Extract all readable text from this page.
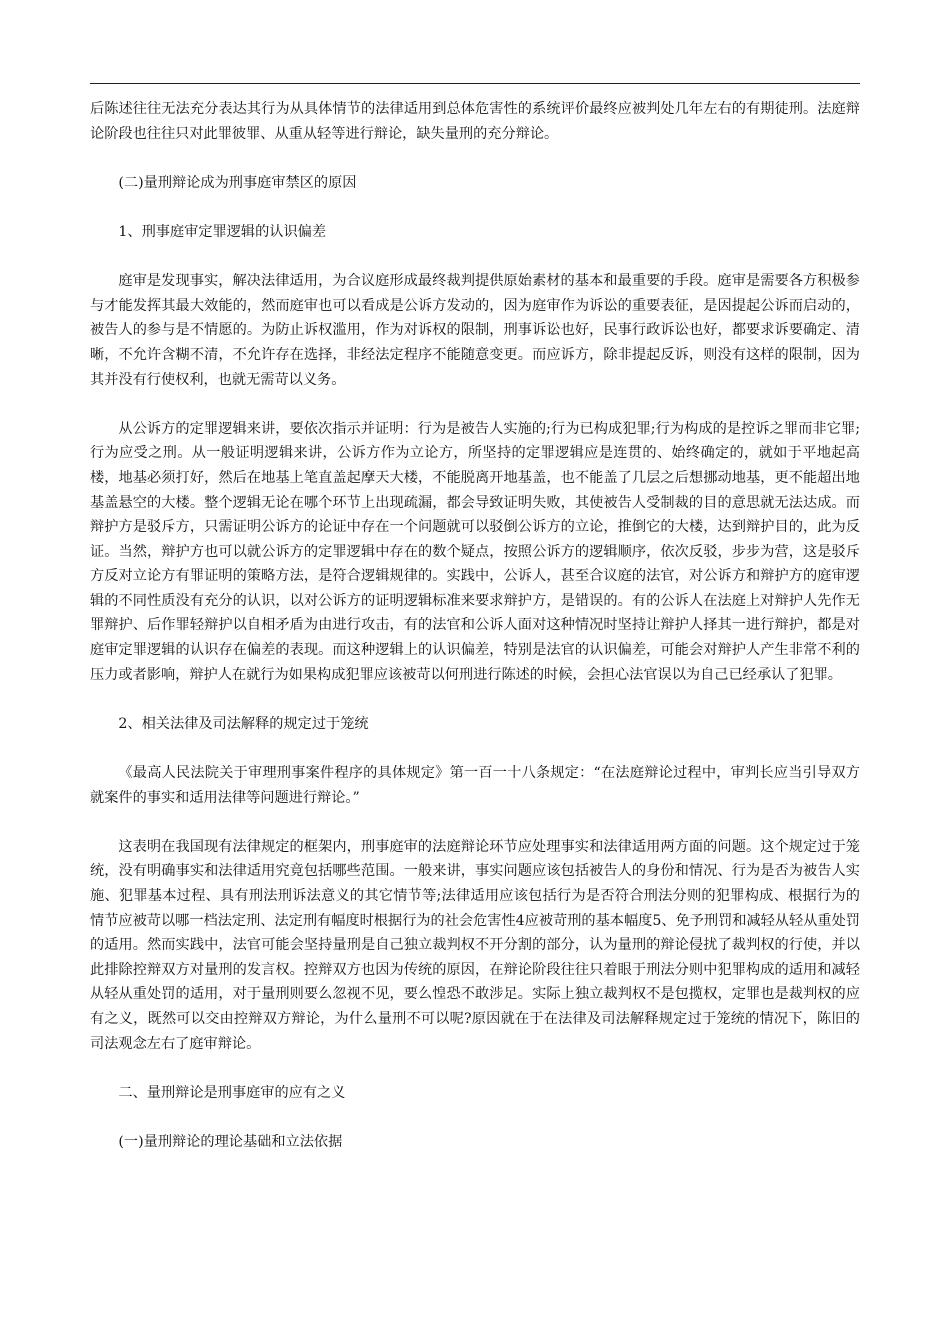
后陈述往往无法充分表达其行为从具体情节的法律适用到总体危害性的系统评价最终应被判处几年左右的有期徒刑。法庭辩论阶段也往往只对此罪彼罪、从重从轻等进行辩论，缺失量刑的充分辩论。

(二)量刑辩论成为刑事庭审禁区的原因

1、刑事庭审定罪逻辑的认识偏差

庭审是发现事实，解决法律适用，为合议庭形成最终裁判提供原始素材的基本和最重要的手段。庭审是需要各方积极参与才能发挥其最大效能的，然而庭审也可以看成是公诉方发动的，因为庭审作为诉讼的重要表征，是因提起公诉而启动的，被告人的参与是不情愿的。为防止诉权滥用，作为对诉权的限制，刑事诉讼也好，民事行政诉讼也好，都要求诉要确定、清晰，不允许含糊不清，不允许存在选择，非经法定程序不能随意变更。而应诉方，除非提起反诉，则没有这样的限制，因为其并没有行使权利，也就无需苛以义务。

从公诉方的定罪逻辑来讲，要依次指示并证明：行为是被告人实施的;行为已构成犯罪;行为构成的是控诉之罪而非它罪;行为应受之刑。从一般证明逻辑来讲，公诉方作为立论方，所坚持的定罪逻辑应是连贯的、始终确定的，就如于平地起高楼，地基必须打好，然后在地基上笔直盖起摩天大楼，不能脱离开地基盖，也不能盖了几层之后想挪动地基，更不能超出地基盖悬空的大楼。整个逻辑无论在哪个环节上出现疏漏，都会导致证明失败，其使被告人受制裁的目的意思就无法达成。而辩护方是驳斥方，只需证明公诉方的论证中存在一个问题就可以驳倒公诉方的立论，推倒它的大楼，达到辩护目的，此为反证。当然，辩护方也可以就公诉方的定罪逻辑中存在的数个疑点，按照公诉方的逻辑顺序，依次反驳，步步为营，这是驳斥方反对立论方有罪证明的策略方法，是符合逻辑规律的。实践中，公诉人，甚至合议庭的法官，对公诉方和辩护方的庭审逻辑的不同性质没有充分的认识，以对公诉方的证明逻辑标准来要求辩护方，是错误的。有的公诉人在法庭上对辩护人先作无罪辩护、后作罪轻辩护以自相矛盾为由进行攻击，有的法官和公诉人面对这种情况时坚持让辩护人择其一进行辩护，都是对庭审定罪逻辑的认识存在偏差的表现。而这种逻辑上的认识偏差，特别是法官的认识偏差，可能会对辩护人产生非常不利的压力或者影响，辩护人在就行为如果构成犯罪应该被苛以何刑进行陈述的时候，会担心法官误以为自己已经承认了犯罪。

2、相关法律及司法解释的规定过于笼统

《最高人民法院关于审理刑事案件程序的具体规定》第一百一十八条规定：“在法庭辩论过程中，审判长应当引导双方就案件的事实和适用法律等问题进行辩论。”

这表明在我国现有法律规定的框架内，刑事庭审的法庭辩论环节应处理事实和法律适用两方面的问题。这个规定过于笼统，没有明确事实和法律适用究竟包括哪些范围。一般来讲，事实问题应该包括被告人的身份和情况、行为是否为被告人实施、犯罪基本过程、具有刑法刑诉法意义的其它情节等;法律适用应该包括行为是否符合刑法分则的犯罪构成、根据行为的情节应被苛以哪一档法定刑、法定刑有幅度时根据行为的社会危害性4应被苛刑的基本幅度5、免予刑罚和减轻从轻从重处罚的适用。然而实践中，法官可能会坚持量刑是自己独立裁判权不开分割的部分，认为量刑的辩论侵扰了裁判权的行使，并以此排除控辩双方对量刑的发言权。控辩双方也因为传统的原因，在辩论阶段往往只着眼于刑法分则中犯罪构成的适用和减轻从轻从重处罚的适用，对于量刑则要么忽视不见，要么惶恐不敢涉足。实际上独立裁判权不是包揽权，定罪也是裁判权的应有之义，既然可以交由控辩双方辩论，为什么量刑不可以呢?原因就在于在法律及司法解释规定过于笼统的情况下，陈旧的司法观念左右了庭审辩论。

二、量刑辩论是刑事庭审的应有之义

(一)量刑辩论的理论基础和立法依据
